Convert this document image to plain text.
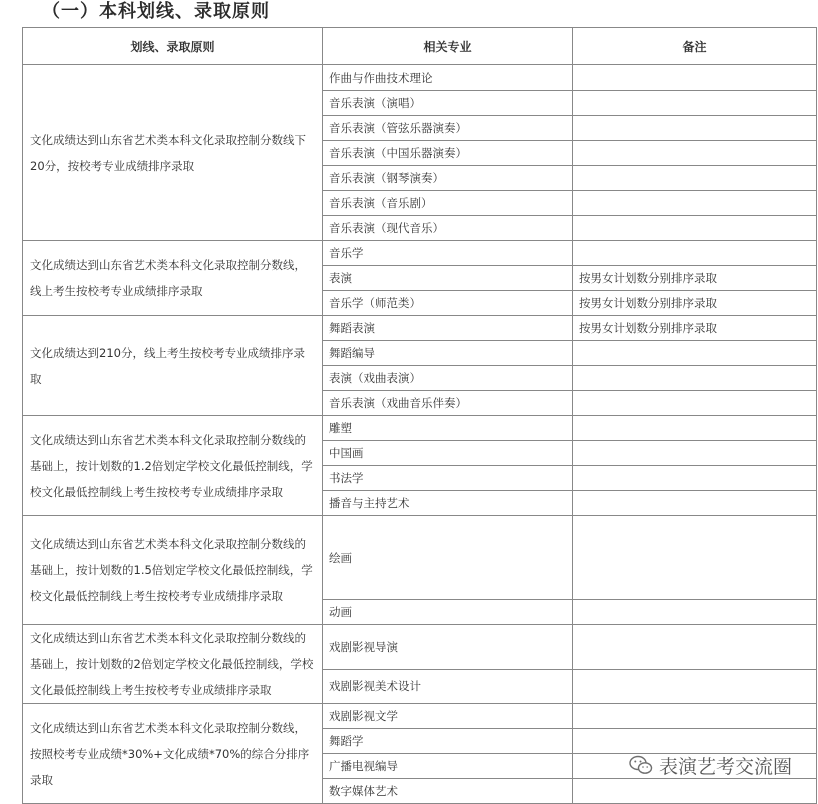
（一）本科划线、录取原则
划线、录取原则	相关专业	备注
文化成绩达到山东省艺术类本科文化录取控制分数线下20分，按校考专业成绩排序录取	作曲与作曲技术理论	
	音乐表演（演唱）	
	音乐表演（管弦乐器演奏）	
	音乐表演（中国乐器演奏）	
	音乐表演（钢琴演奏）	
	音乐表演（音乐剧）	
	音乐表演（现代音乐）	
文化成绩达到山东省艺术类本科文化录取控制分数线，线上考生按校考专业成绩排序录取	音乐学	
	表演	按男女计划数分别排序录取
	音乐学（师范类）	按男女计划数分别排序录取
文化成绩达到210分，线上考生按校考专业成绩排序录取	舞蹈表演	按男女计划数分别排序录取
	舞蹈编导	
	表演（戏曲表演）	
	音乐表演（戏曲音乐伴奏）	
文化成绩达到山东省艺术类本科文化录取控制分数线的基础上，按计划数的1.2倍划定学校文化最低控制线，学校文化最低控制线上考生按校考专业成绩排序录取	雕塑	
	中国画	
	书法学	
	播音与主持艺术	
文化成绩达到山东省艺术类本科文化录取控制分数线的基础上，按计划数的1.5倍划定学校文化最低控制线，学校文化最低控制线上考生按校考专业成绩排序录取	绘画	
	动画	
文化成绩达到山东省艺术类本科文化录取控制分数线的基础上，按计划数的2倍划定学校文化最低控制线，学校文化最低控制线上考生按校考专业成绩排序录取	戏剧影视导演	
	戏剧影视美术设计	
文化成绩达到山东省艺术类本科文化录取控制分数线，按照校考专业成绩*30%+文化成绩*70%的综合分排序录取	戏剧影视文学	
	舞蹈学	
	广播电视编导	
	数字媒体艺术	
表演艺考交流圈
